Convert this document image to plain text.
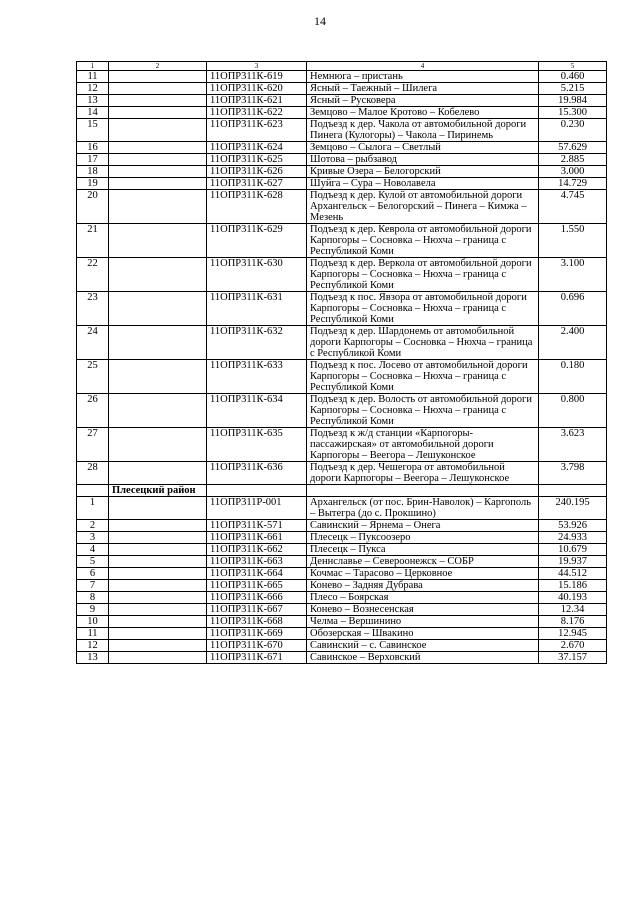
14
1	2	3	4	5
11		11ОПР311К-619	Немнюга – пристань	0.460
12		11ОПР311К-620	Ясный – Таежный – Шилега	5.215
13		11ОПР311К-621	Ясный – Русковера	19.984
14		11ОПР311К-622	Земцово – Малое Кротово – Кобелево	15.300
15		11ОПР311К-623	Подъезд к дер. Чакола от автомобильной дороги Пинега (Кулогоры) – Чакола – Пиринемь	0.230
16		11ОПР311К-624	Земцово – Сылога – Светлый	57.629
17		11ОПР311К-625	Шотова – рыбзавод	2.885
18		11ОПР311К-626	Кривые Озера – Белогорский	3.000
19		11ОПР311К-627	Шуйга – Сура – Новолавела	14.729
20		11ОПР311К-628	Подъезд к дер. Кулой от автомобильной дороги Архангельск – Белогорский – Пинега – Кимжа – Мезень	4.745
21		11ОПР311К-629	Подъезд к дер. Кеврола от автомобильной дороги Карпогоры – Сосновка – Нюхча – граница с Республикой Коми	1.550
22		11ОПР311К-630	Подъезд к дер. Веркола от автомобильной дороги Карпогоры – Сосновка – Нюхча – граница с Республикой Коми	3.100
23		11ОПР311К-631	Подъезд к пос. Явзора от автомобильной дороги Карпогоры – Сосновка – Нюхча – граница с Республикой Коми	0.696
24		11ОПР311К-632	Подъезд к дер. Шардонемь от автомобильной дороги Карпогоры – Сосновка – Нюхча – граница с Республикой Коми	2.400
25		11ОПР311К-633	Подъезд к пос. Лосево от автомобильной дороги Карпогоры – Сосновка – Нюхча – граница с Республикой Коми	0.180
26		11ОПР311К-634	Подъезд к дер. Волость от автомобильной дороги Карпогоры – Сосновка – Нюхча – граница с Республикой Коми	0.800
27		11ОПР311К-635	Подъезд к ж/д станции «Карпогоры-пассажирская» от автомобильной дороги Карпогоры – Веегора – Лешуконское	3.623
28		11ОПР311К-636	Подъезд к дер. Чешегора от автомобильной дороги Карпогоры – Веегора – Лешуконское	3.798
	Плесецкий район			
1		11ОПР311Р-001	Архангельск (от пос. Брин-Наволок) – Каргополь – Вытегра (до с. Прокшино)	240.195
2		11ОПР311К-571	Савинский – Ярнема – Онега	53.926
3		11ОПР311К-661	Плесецк – Пуксоозеро	24.933
4		11ОПР311К-662	Плесецк – Пукса	10.679
5		11ОПР311К-663	Деннславье – Североонежск – СОБР	19.937
6		11ОПР311К-664	Кочмас – Тарасово – Церковное	44.512
7		11ОПР311К-665	Конево – Задняя Дубрава	15.186
8		11ОПР311К-666	Плесо – Боярская	40.193
9		11ОПР311К-667	Конево – Вознесенская	12.34
10		11ОПР311К-668	Челма – Вершинино	8.176
11		11ОПР311К-669	Обозерская – Швакино	12.945
12		11ОПР311К-670	Савинский – с. Савинское	2.670
13		11ОПР311К-671	Савинское – Верховский	37.157
